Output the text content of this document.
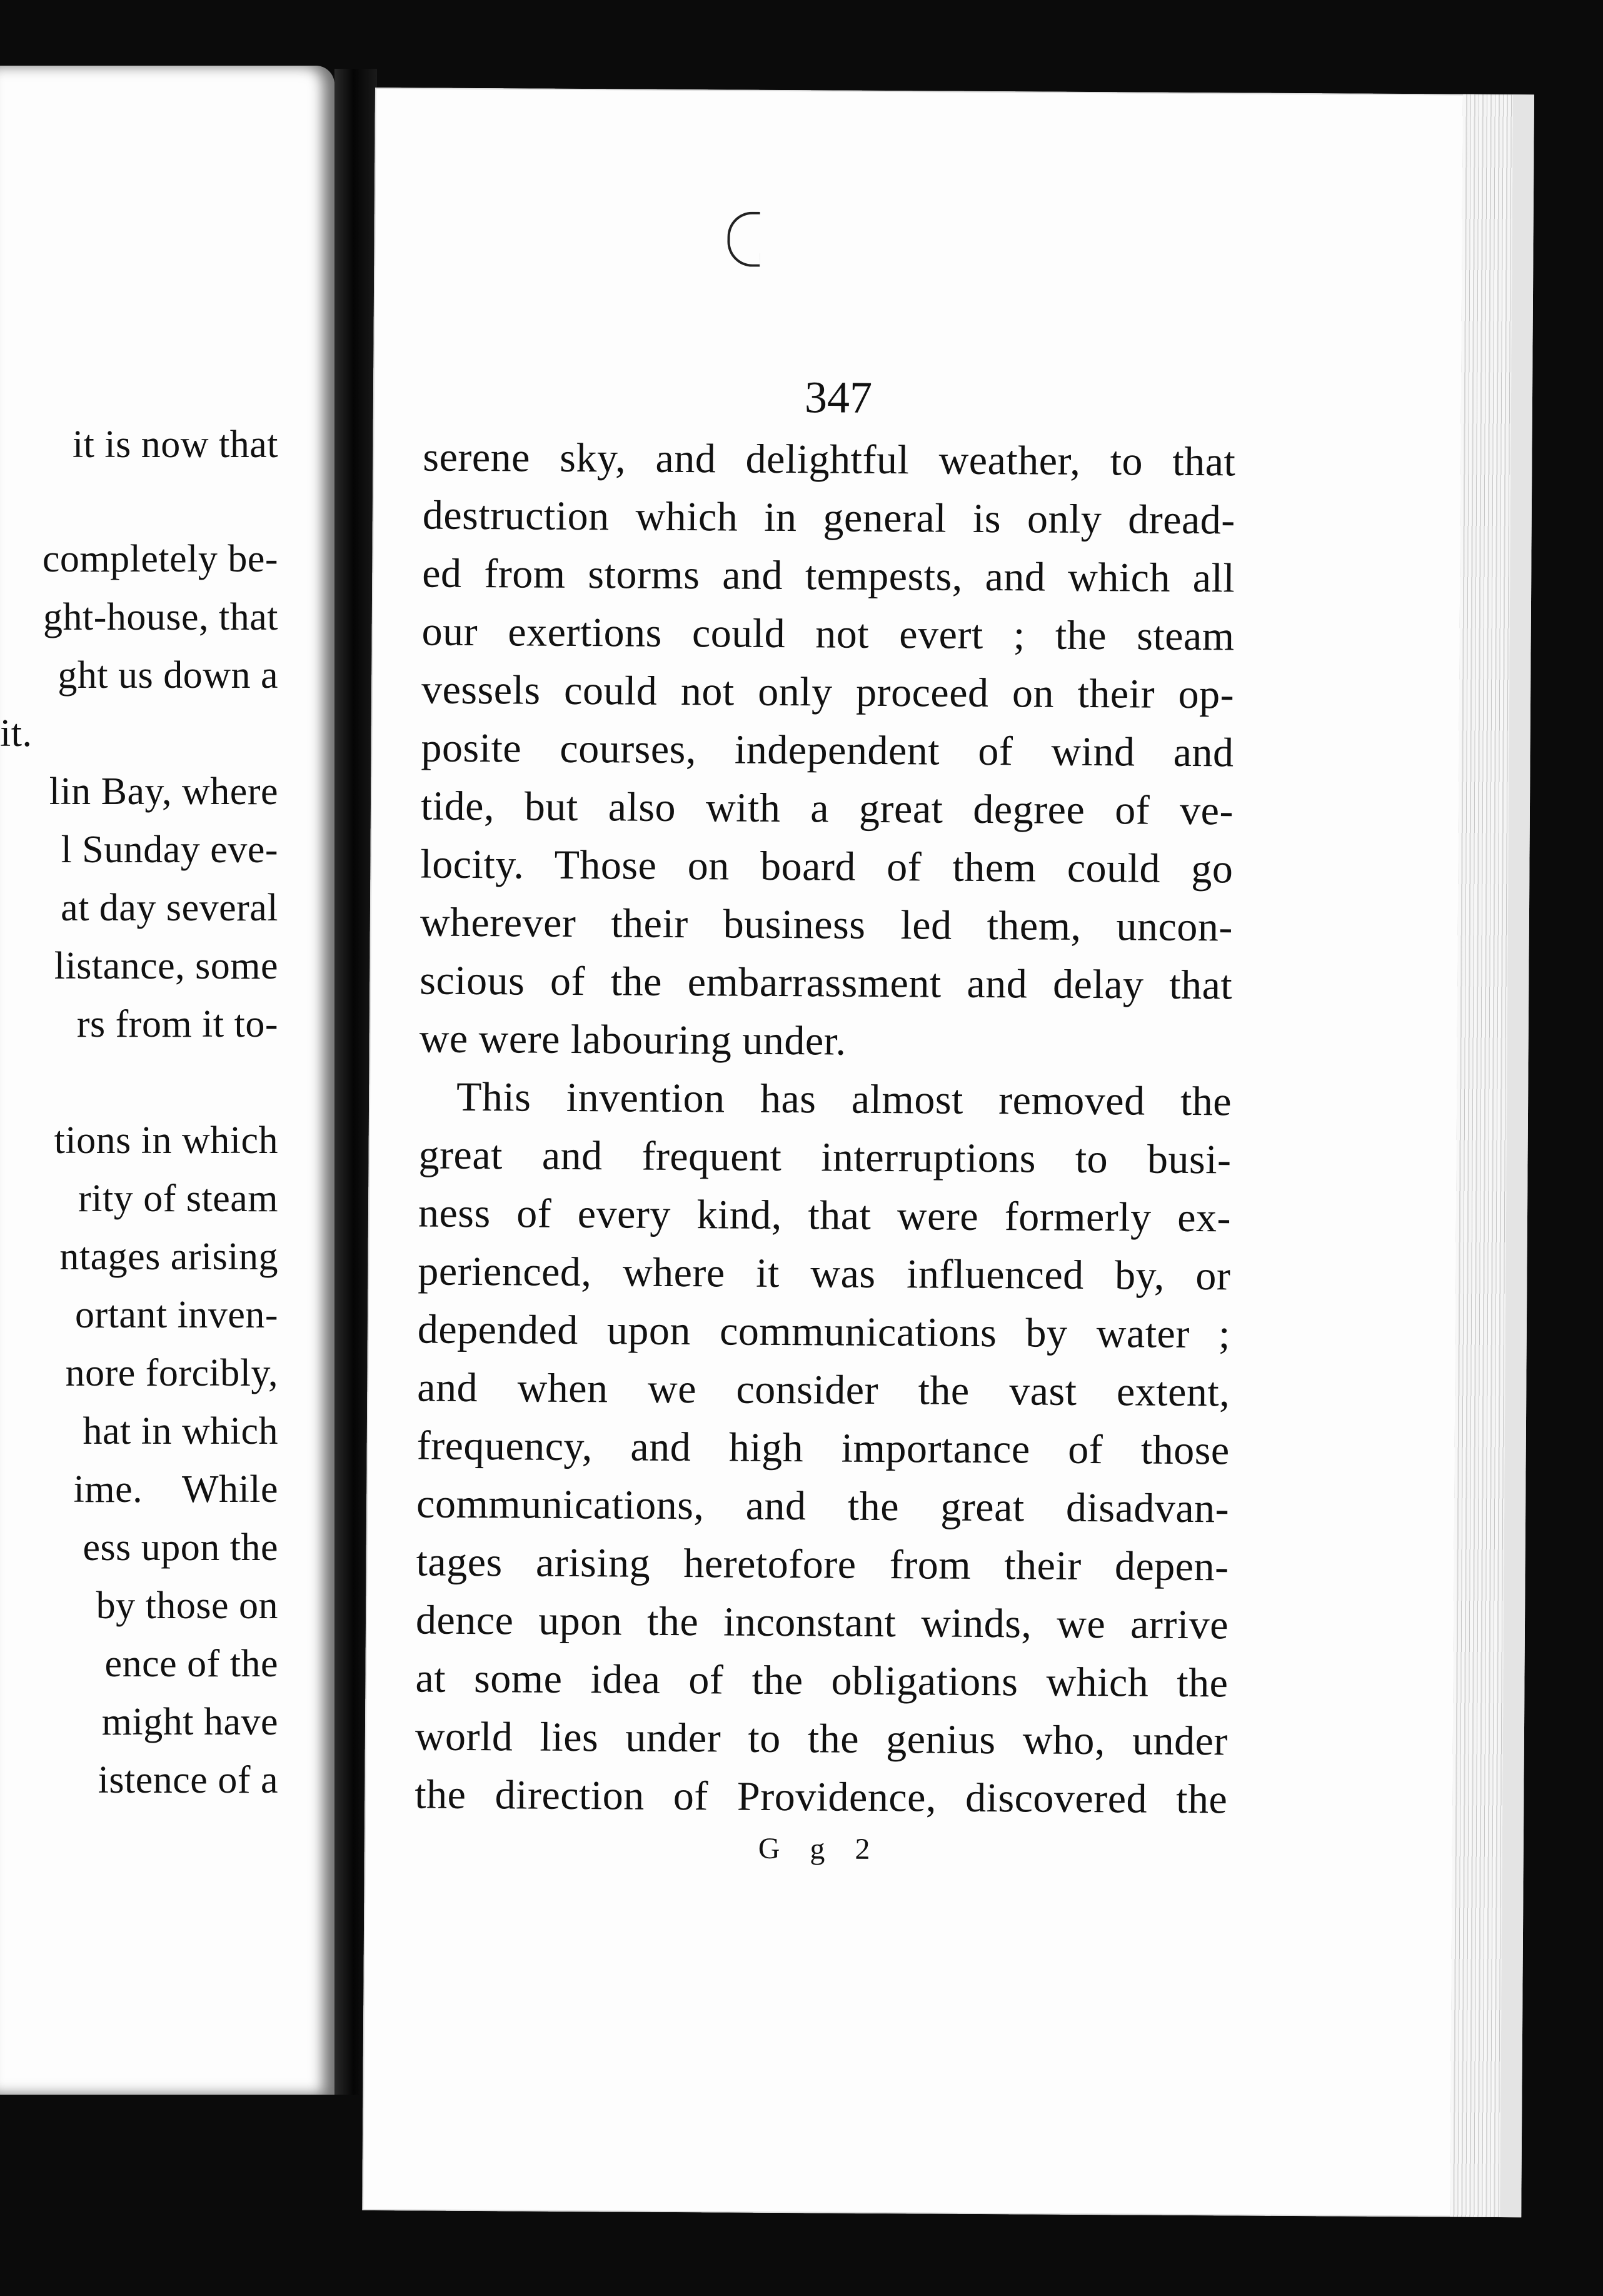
it is now that

completely be-

ght-house, that

ght us down a

it.

lin Bay, where

l Sunday eve-

at day several

listance, some

rs from it to-

tions in which

rity of steam

ntages arising

ortant inven-

nore forcibly,

hat in which

ime.    While

ess upon the

by those on

ence of the

might have

istence of a

347

serene sky, and delightful weather, to that

destruction which in general is only dread-

ed from storms and tempests, and which all

our exertions could not evert ; the steam

vessels could not only proceed on their op-

posite courses, independent of wind and

tide, but also with a great degree of ve-

locity. Those on board of them could go

wherever their business led them, uncon-

scious of the embarrassment and delay that

we were labouring under.

This invention has almost removed the

great and frequent interruptions to busi-

ness of every kind, that were formerly ex-

perienced, where it was influenced by, or

depended upon communications by water ;

and when we consider the vast extent,

frequency, and high importance of those

communications, and the great disadvan-

tages arising heretofore from their depen-

dence upon the inconstant winds, we arrive

at some idea of the obligations which the

world lies under to the genius who, under

the direction of Providence, discovered the

G g 2
